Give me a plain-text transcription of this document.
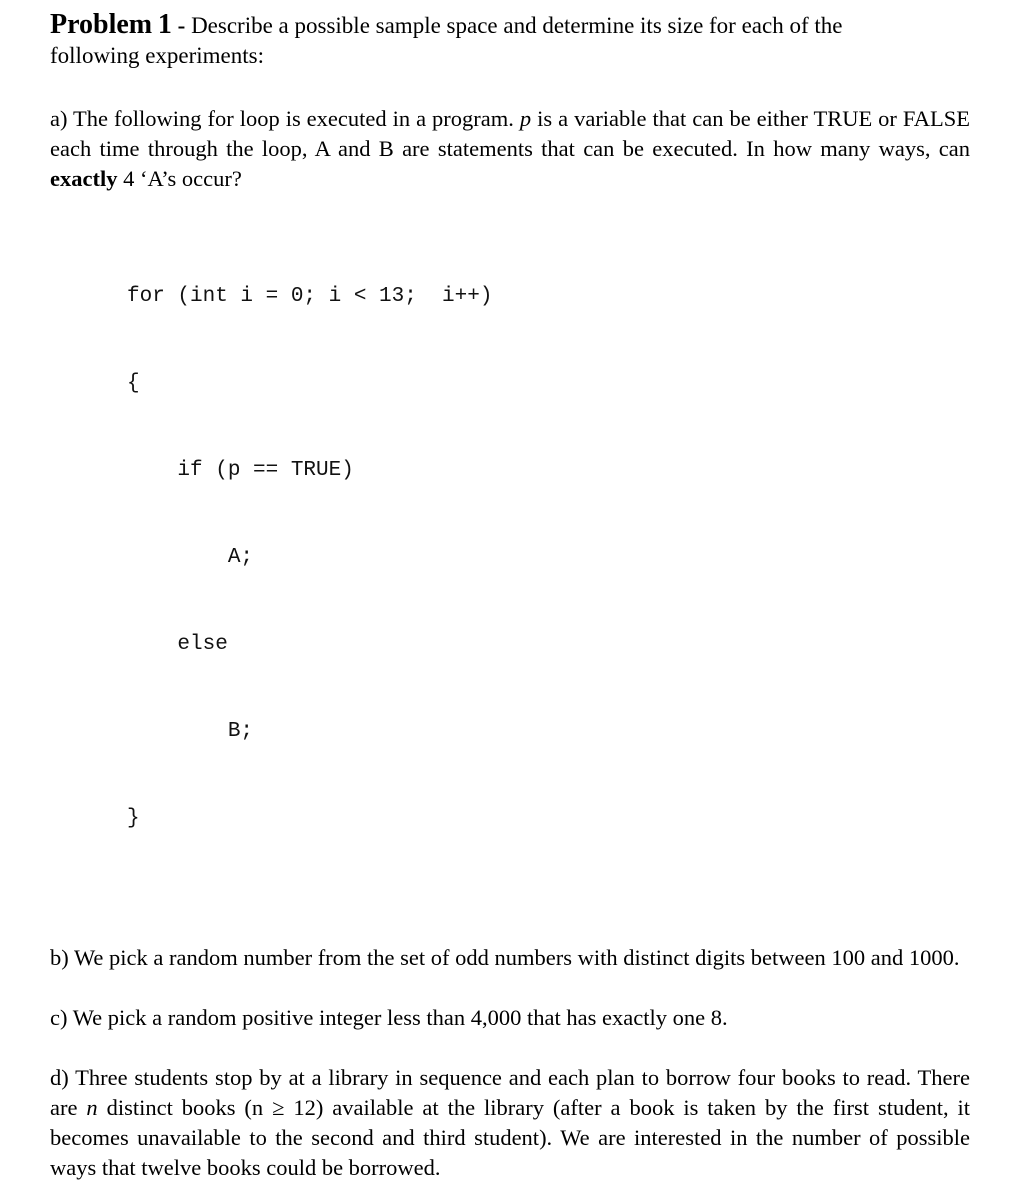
Problem 1 - Describe a possible sample space and determine its size for each of the
following experiments:

a) The following for loop is executed in a program. p is a variable that can be either TRUE or FALSE each time through the loop, A and B are statements that can be executed. In how many ways, can exactly 4 ‘A’s occur?

for (int i = 0; i < 13;  i++)

{

if (p == TRUE)

A;

else

B;

}

b) We pick a random number from the set of odd numbers with distinct digits between 100 and 1000.

c) We pick a random positive integer less than 4,000 that has exactly one 8.

d) Three students stop by at a library in sequence and each plan to borrow four books to read. There are n distinct books (n ≥ 12) available at the library (after a book is taken by the first student, it becomes unavailable to the second and third student). We are interested in the number of possible ways that twelve books could be borrowed.
